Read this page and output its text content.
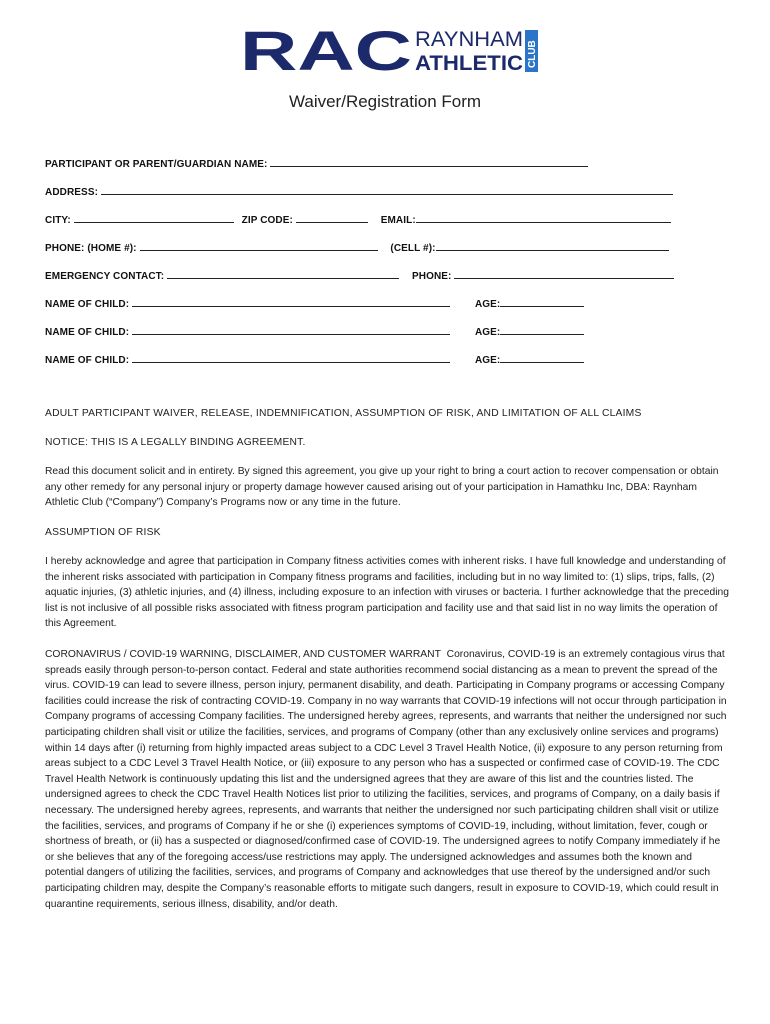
RAC RAYNHAM
ATHLETIC CLUB
Waiver/Registration Form
PARTICIPANT OR PARENT/GUARDIAN NAME:
ADDRESS:
CITY:	ZIP CODE:	EMAIL:
PHONE: (HOME #):	(CELL #):
EMERGENCY CONTACT:	PHONE:
NAME OF CHILD:	AGE:
NAME OF CHILD:	AGE:
NAME OF CHILD:	AGE:
ADULT PARTICIPANT WAIVER, RELEASE, INDEMNIFICATION, ASSUMPTION OF RISK, AND LIMITATION OF ALL CLAIMS
NOTICE: THIS IS A LEGALLY BINDING AGREEMENT.
Read this document solicit and in entirety. By signed this agreement, you give up your right to bring a court action to recover compensation or obtain any other remedy for any personal injury or property damage however caused arising out of your participation in Hamathku Inc, DBA: Raynham Athletic Club (“Company”) Company’s Programs now or any time in the future.
ASSUMPTION OF RISK
I hereby acknowledge and agree that participation in Company fitness activities comes with inherent risks. I have full knowledge and understanding of the inherent risks associated with participation in Company fitness programs and facilities, including but in no way limited to: (1) slips, trips, falls, (2) aquatic injuries, (3) athletic injuries, and (4) illness, including exposure to an infection with viruses or bacteria. I further acknowledge that the preceding list is not inclusive of all possible risks associated with fitness program participation and facility use and that said list in no way limits the operation of this Agreement.
CORONAVIRUS / COVID-19 WARNING, DISCLAIMER, AND CUSTOMER WARRANT Coronavirus, COVID-19 is an extremely contagious virus that spreads easily through person-to-person contact. Federal and state authorities recommend social distancing as a mean to prevent the spread of the virus. COVID-19 can lead to severe illness, person injury, permanent disability, and death. Participating in Company programs or accessing Company facilities could increase the risk of contracting COVID-19. Company in no way warrants that COVID-19 infections will not occur through participation in Company programs of accessing Company facilities. The undersigned hereby agrees, represents, and warrants that neither the undersigned nor such participating children shall visit or utilize the facilities, services, and programs of Company (other than any exclusively online services and programs) within 14 days after (i) returning from highly impacted areas subject to a CDC Level 3 Travel Health Notice, (ii) exposure to any person returning from areas subject to a CDC Level 3 Travel Health Notice, or (iii) exposure to any person who has a suspected or confirmed case of COVID-19. The CDC Travel Health Network is continuously updating this list and the undersigned agrees that they are aware of this list and the countries listed. The undersigned agrees to check the CDC Travel Health Notices list prior to utilizing the facilities, services, and programs of Company, on a daily basis if necessary. The undersigned hereby agrees, represents, and warrants that neither the undersigned nor such participating children shall visit or utilize the facilities, services, and programs of Company if he or she (i) experiences symptoms of COVID-19, including, without limitation, fever, cough or shortness of breath, or (ii) has a suspected or diagnosed/confirmed case of COVID-19. The undersigned agrees to notify Company immediately if he or she believes that any of the foregoing access/use restrictions may apply. The undersigned acknowledges and assumes both the known and potential dangers of utilizing the facilities, services, and programs of Company and acknowledges that use thereof by the undersigned and/or such participating children may, despite the Company’s reasonable efforts to mitigate such dangers, result in exposure to COVID-19, which could result in quarantine requirements, serious illness, disability, and/or death.
